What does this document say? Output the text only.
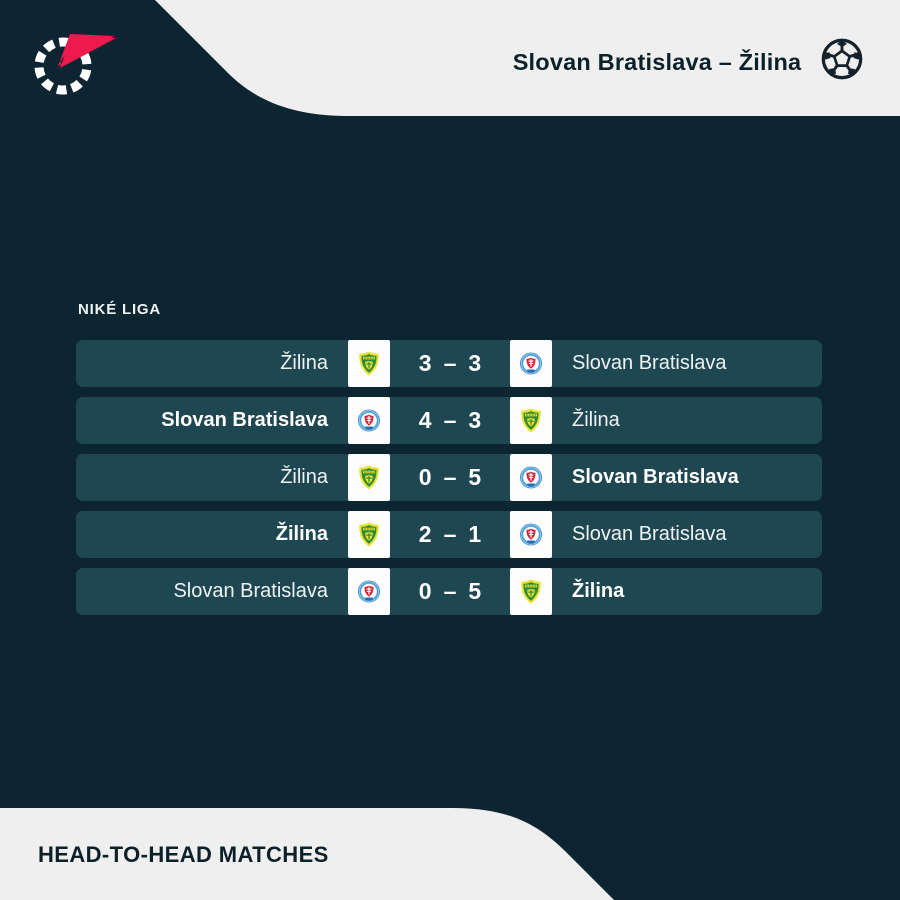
Slovan Bratislava – Žilina
NIKÉ LIGA
Žilina	3 – 3	Slovan Bratislava
Slovan Bratislava	4 – 3	Žilina
Žilina	0 – 5	Slovan Bratislava
Žilina	2 – 1	Slovan Bratislava
Slovan Bratislava	0 – 5	Žilina
HEAD-TO-HEAD MATCHES
